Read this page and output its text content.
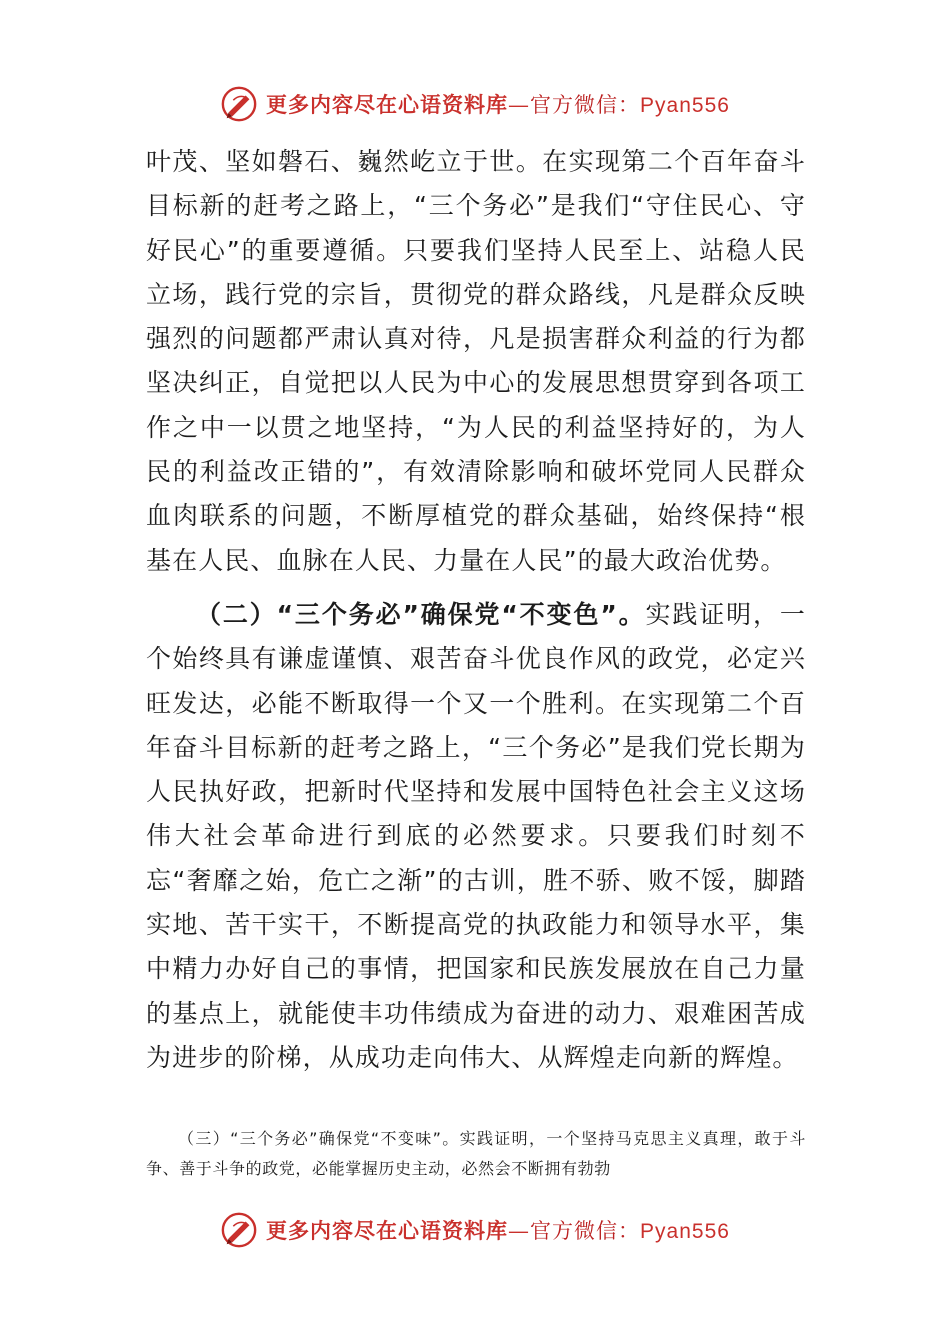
更多内容尽在心语资料库—官方微信：Pyan556

叶茂、坚如磐石、巍然屹立于世。在实现第二个百年奋斗目标新的赶考之路上，“三个务必”是我们“守住民心、守好民心”的重要遵循。只要我们坚持人民至上、站稳人民立场，践行党的宗旨，贯彻党的群众路线，凡是群众反映强烈的问题都严肃认真对待，凡是损害群众利益的行为都坚决纠正，自觉把以人民为中心的发展思想贯穿到各项工作之中一以贯之地坚持，“为人民的利益坚持好的，为人民的利益改正错的”，有效清除影响和破坏党同人民群众血肉联系的问题，不断厚植党的群众基础，始终保持“根基在人民、血脉在人民、力量在人民”的最大政治优势。

（二）“三个务必”确保党“不变色”。实践证明，一个始终具有谦虚谨慎、艰苦奋斗优良作风的政党，必定兴旺发达，必能不断取得一个又一个胜利。在实现第二个百年奋斗目标新的赶考之路上，“三个务必”是我们党长期为人民执好政，把新时代坚持和发展中国特色社会主义这场伟大社会革命进行到底的必然要求。只要我们时刻不忘“奢靡之始，危亡之渐”的古训，胜不骄、败不馁，脚踏实地、苦干实干，不断提高党的执政能力和领导水平，集中精力办好自己的事情，把国家和民族发展放在自己力量的基点上，就能使丰功伟绩成为奋进的动力、艰难困苦成为进步的阶梯，从成功走向伟大、从辉煌走向新的辉煌。

（三）“三个务必”确保党“不变味”。实践证明，一个坚持马克思主义真理，敢于斗争、善于斗争的政党，必能掌握历史主动，必然会不断拥有勃勃

更多内容尽在心语资料库—官方微信：Pyan556
